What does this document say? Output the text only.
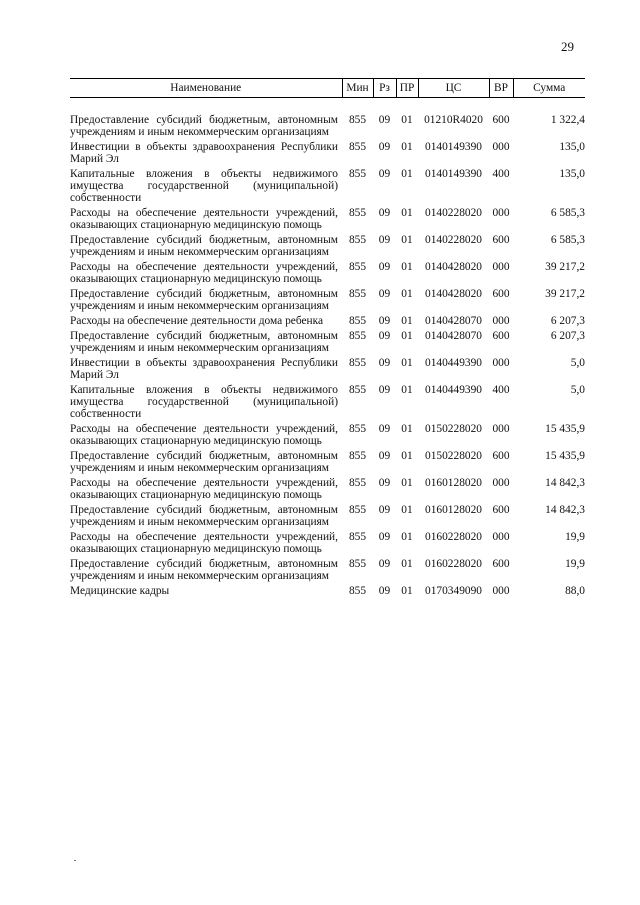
29
Наименование	Мин	Рз	ПР	ЦС	ВР	Сумма
Предоставление субсидий бюджетным, автономным учреждениям и иным некоммерческим организациям	855	09	01	01210R4020	600	1 322,4
Инвестиции в объекты здравоохранения Республики Марий Эл	855	09	01	0140149390	000	135,0
Капитальные вложения в объекты недвижимого имущества государственной (муниципальной) собственности	855	09	01	0140149390	400	135,0
Расходы на обеспечение деятельности учреждений, оказывающих стационарную медицинскую помощь	855	09	01	0140228020	000	6 585,3
Предоставление субсидий бюджетным, автономным учреждениям и иным некоммерческим организациям	855	09	01	0140228020	600	6 585,3
Расходы на обеспечение деятельности учреждений, оказывающих стационарную медицинскую помощь	855	09	01	0140428020	000	39 217,2
Предоставление субсидий бюджетным, автономным учреждениям и иным некоммерческим организациям	855	09	01	0140428020	600	39 217,2
Расходы на обеспечение деятельности дома ребенка	855	09	01	0140428070	000	6 207,3
Предоставление субсидий бюджетным, автономным учреждениям и иным некоммерческим организациям	855	09	01	0140428070	600	6 207,3
Инвестиции в объекты здравоохранения Республики Марий Эл	855	09	01	0140449390	000	5,0
Капитальные вложения в объекты недвижимого имущества государственной (муниципальной) собственности	855	09	01	0140449390	400	5,0
Расходы на обеспечение деятельности учреждений, оказывающих стационарную медицинскую помощь	855	09	01	0150228020	000	15 435,9
Предоставление субсидий бюджетным, автономным учреждениям и иным некоммерческим организациям	855	09	01	0150228020	600	15 435,9
Расходы на обеспечение деятельности учреждений, оказывающих стационарную медицинскую помощь	855	09	01	0160128020	000	14 842,3
Предоставление субсидий бюджетным, автономным учреждениям и иным некоммерческим организациям	855	09	01	0160128020	600	14 842,3
Расходы на обеспечение деятельности учреждений, оказывающих стационарную медицинскую помощь	855	09	01	0160228020	000	19,9
Предоставление субсидий бюджетным, автономным учреждениям и иным некоммерческим организациям	855	09	01	0160228020	600	19,9
Медицинские кадры	855	09	01	0170349090	000	88,0
